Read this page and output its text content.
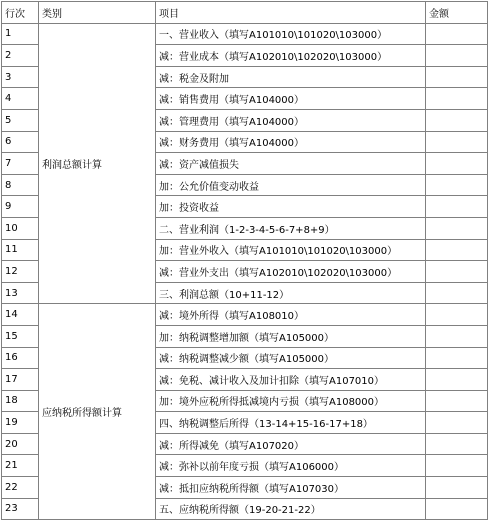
行次	类别	项目	金额
1	利润总额计算	一、营业收入（填写A101010\101020\103000）	
2		减：营业成本（填写A102010\102020\103000）	
3		减：税金及附加	
4		减：销售费用（填写A104000）	
5		减：管理费用（填写A104000）	
6		减：财务费用（填写A104000）	
7		减：资产减值损失	
8		加：公允价值变动收益	
9		加：投资收益	
10		二、营业利润（1-2-3-4-5-6-7+8+9）	
11		加：营业外收入（填写A101010\101020\103000）	
12		减：营业外支出（填写A102010\102020\103000）	
13		三、利润总额（10+11-12）	
14	应纳税所得额计算	减：境外所得（填写A108010）	
15		加：纳税调整增加额（填写A105000）	
16		减：纳税调整减少额（填写A105000）	
17		减：免税、减计收入及加计扣除（填写A107010）	
18		加：境外应税所得抵减境内亏损（填写A108000）	
19		四、纳税调整后所得（13-14+15-16-17+18）	
20		减：所得减免（填写A107020）	
21		减：弥补以前年度亏损（填写A106000）	
22		减：抵扣应纳税所得额（填写A107030）	
23		五、应纳税所得额（19-20-21-22）	
